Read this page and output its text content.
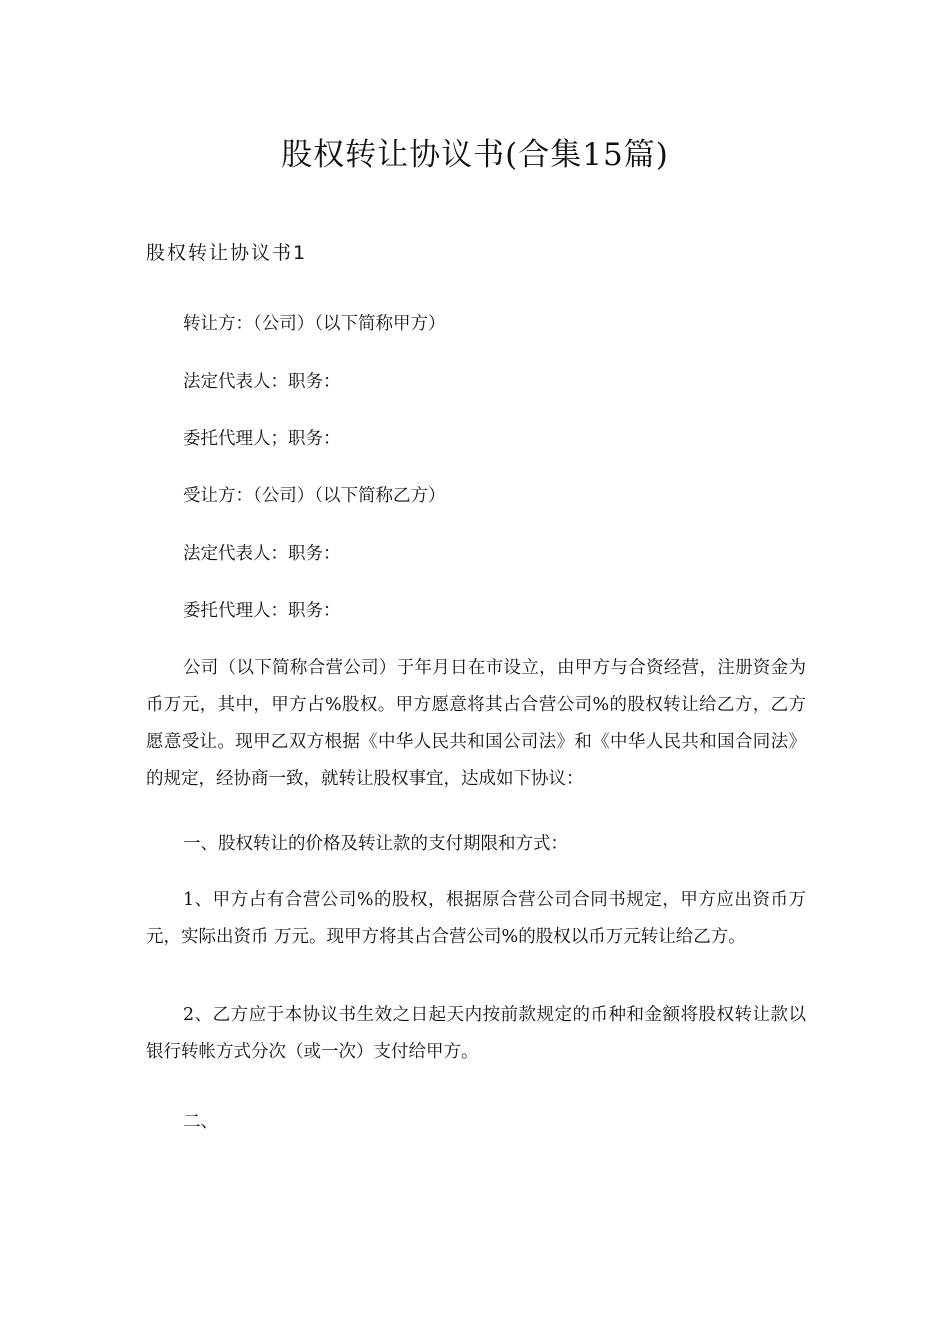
股权转让协议书(合集15篇)
股权转让协议书1
转让方：（公司）（以下简称甲方）
法定代表人：职务：
委托代理人；职务：
受让方：（公司）（以下简称乙方）
法定代表人：职务：
委托代理人：职务：
公司（以下简称合营公司）于年月日在市设立，由甲方与合资经营，注册资金为币万元，其中，甲方占%股权。甲方愿意将其占合营公司%的股权转让给乙方，乙方愿意受让。现甲乙双方根据《中华人民共和国公司法》和《中华人民共和国合同法》的规定，经协商一致，就转让股权事宜，达成如下协议：
一、股权转让的价格及转让款的支付期限和方式：
1、甲方占有合营公司%的股权，根据原合营公司合同书规定，甲方应出资币万元，实际出资币 万元。现甲方将其占合营公司%的股权以币万元转让给乙方。
2、乙方应于本协议书生效之日起天内按前款规定的币种和金额将股权转让款以银行转帐方式分次（或一次）支付给甲方。
二、
